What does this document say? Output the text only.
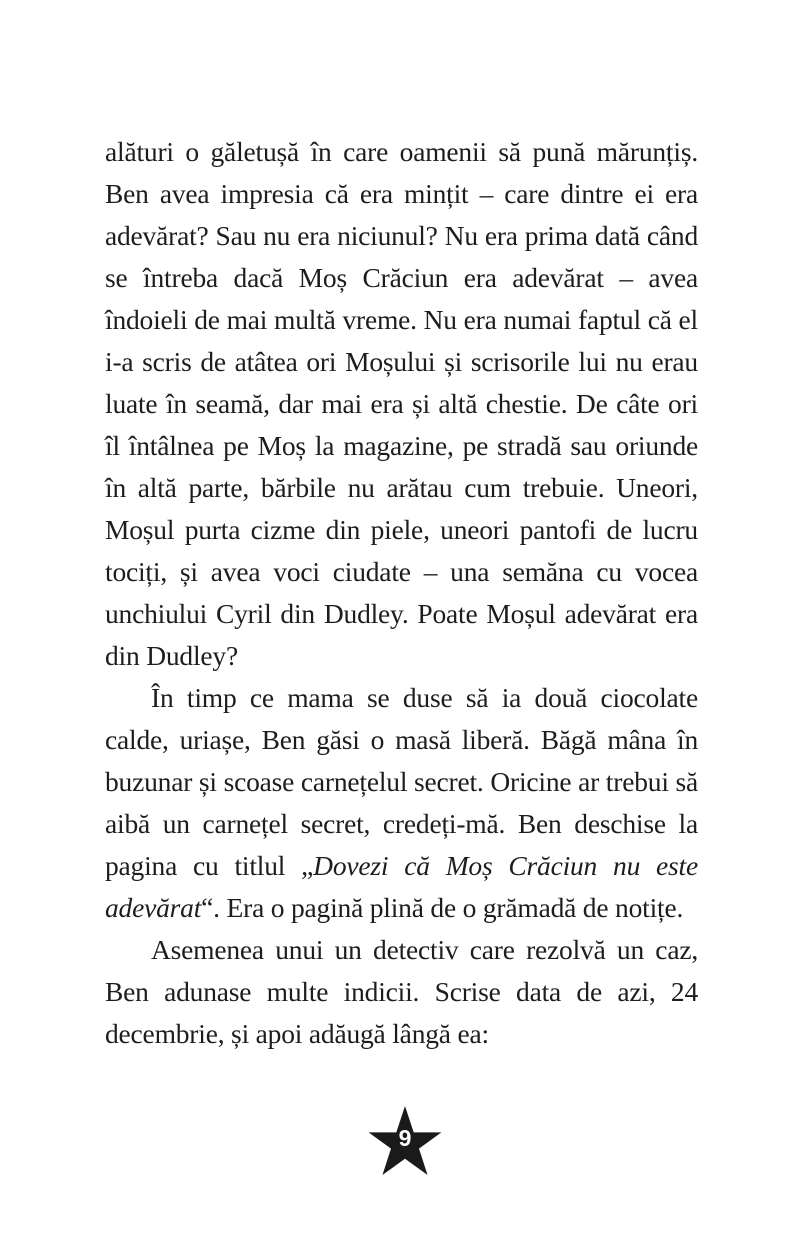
alături o găletușă în care oamenii să pună mărunțiș. Ben avea impresia că era mințit – care dintre ei era adevărat? Sau nu era niciunul? Nu era prima dată când se întreba dacă Moș Crăciun era adevărat – avea îndoieli de mai multă vreme. Nu era numai faptul că el i-a scris de atâtea ori Moșului și scrisorile lui nu erau luate în seamă, dar mai era și altă chestie. De câte ori îl întâlnea pe Moș la magazine, pe stradă sau oriunde în altă parte, bărbile nu arătau cum trebuie. Uneori, Moșul purta cizme din piele, uneori pantofi de lucru tociți, și avea voci ciudate – una semăna cu vocea unchiului Cyril din Dudley. Poate Moșul adevărat era din Dudley?

În timp ce mama se duse să ia două ciocolate calde, uriașe, Ben găsi o masă liberă. Băgă mâna în buzunar și scoase carnețelul secret. Oricine ar trebui să aibă un carnețel secret, credeți-mă. Ben deschise la pagina cu titlul „Dovezi că Moș Crăciun nu este adevărat“. Era o pagină plină de o grămadă de notițe.

Asemenea unui un detectiv care rezolvă un caz, Ben adunase multe indicii. Scrise data de azi, 24 decembrie, și apoi adăugă lângă ea:

9
